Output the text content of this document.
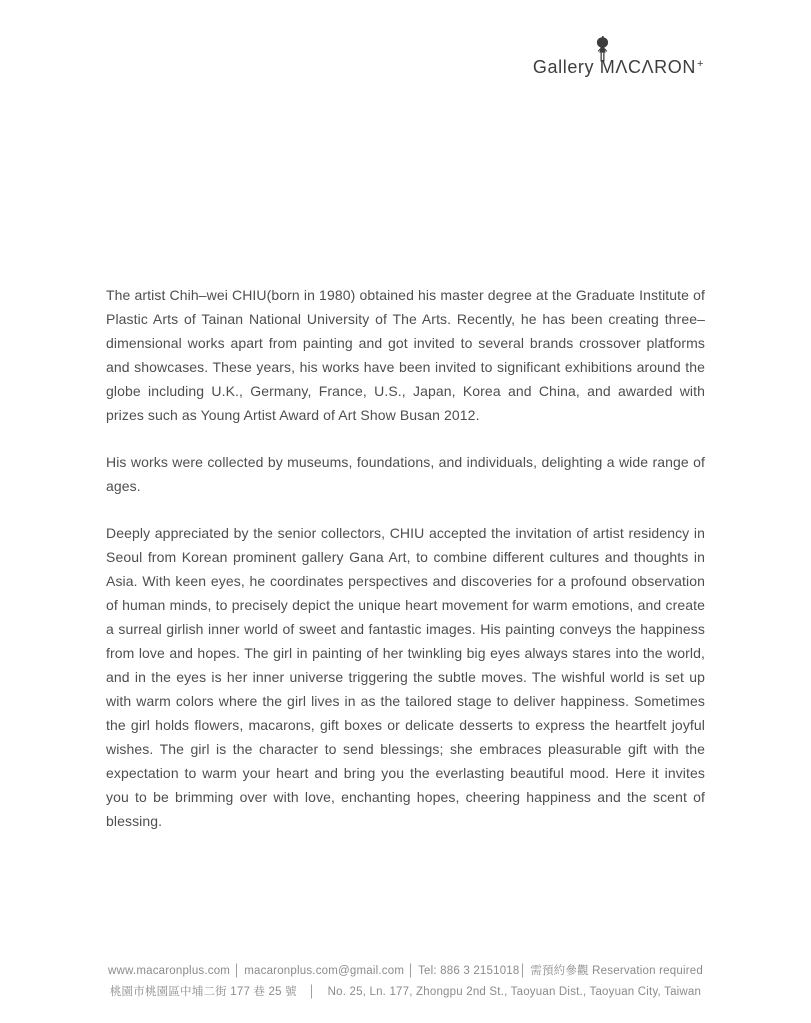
Gallery MΛCΛRON+

The artist Chih–wei CHIU(born in 1980) obtained his master degree at the Graduate Institute of Plastic Arts of Tainan National University of The Arts. Recently, he has been creating three–dimensional works apart from painting and got invited to several brands crossover platforms and showcases. These years, his works have been invited to significant exhibitions around the globe including U.K., Germany, France, U.S., Japan, Korea and China, and awarded with prizes such as Young Artist Award of Art Show Busan 2012.

His works were collected by museums, foundations, and individuals, delighting a wide range of ages.

Deeply appreciated by the senior collectors, CHIU accepted the invitation of artist residency in Seoul from Korean prominent gallery Gana Art, to combine different cultures and thoughts in Asia. With keen eyes, he coordinates perspectives and discoveries for a profound observation of human minds, to precisely depict the unique heart movement for warm emotions, and create a surreal girlish inner world of sweet and fantastic images. His painting conveys the happiness from love and hopes. The girl in painting of her twinkling big eyes always stares into the world, and in the eyes is her inner universe triggering the subtle moves. The wishful world is set up with warm colors where the girl lives in as the tailored stage to deliver happiness. Sometimes the girl holds flowers, macarons, gift boxes or delicate desserts to express the heartfelt joyful wishes. The girl is the character to send blessings; she embraces pleasurable gift with the expectation to warm your heart and bring you the everlasting beautiful mood. Here it invites you to be brimming over with love, enchanting hopes, cheering happiness and the scent of blessing.

www.macaronplus.com │ macaronplus.com@gmail.com │ Tel: 886 3 2151018│ 需預約參觀 Reservation required
桃園市桃園區中埔二街 177 巷 25 號　│　No. 25, Ln. 177, Zhongpu 2nd St., Taoyuan Dist., Taoyuan City, Taiwan
